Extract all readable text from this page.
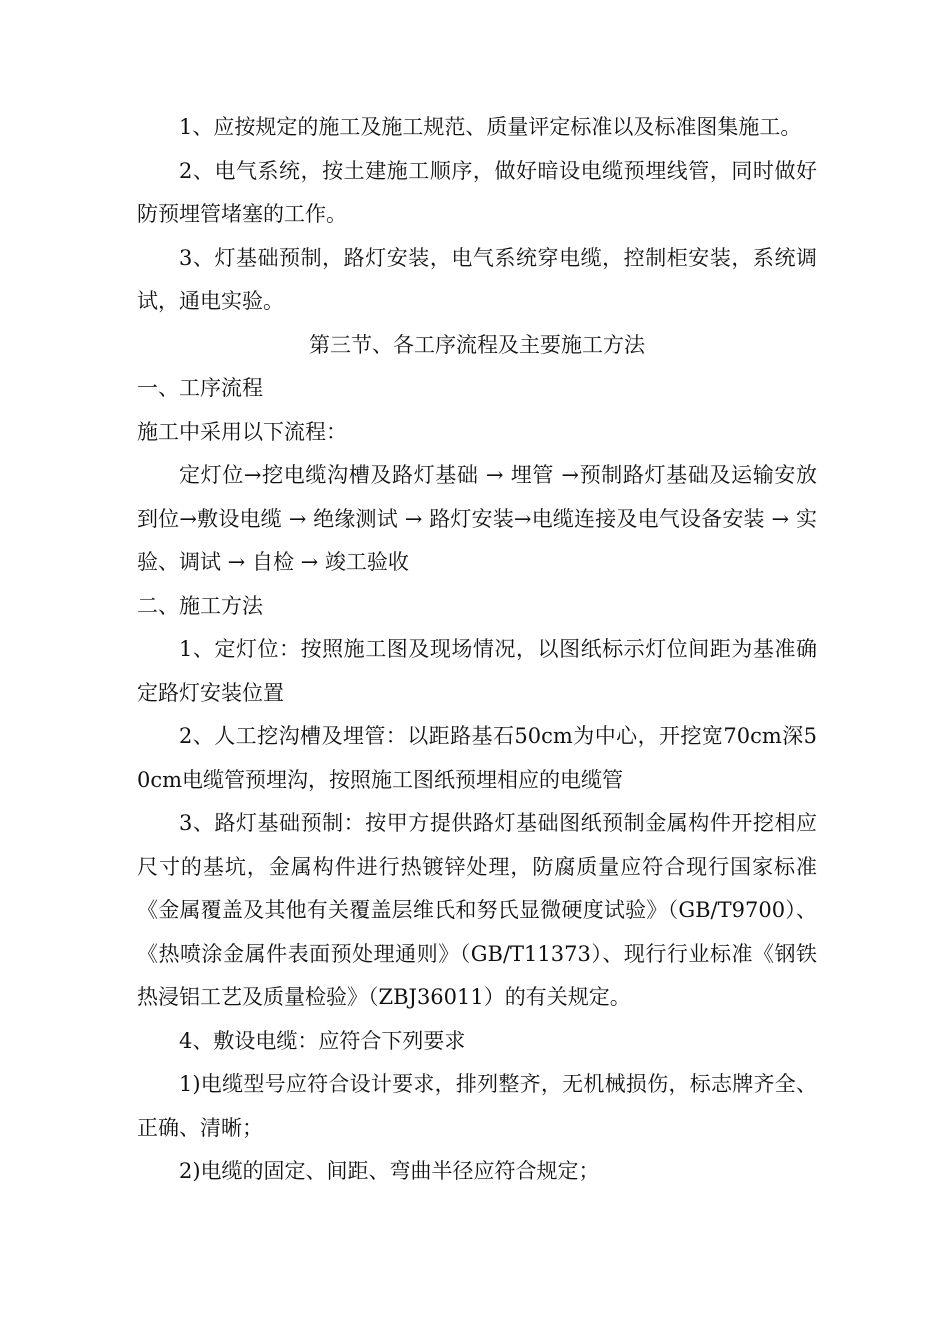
1、应按规定的施工及施工规范、质量评定标准以及标准图集施工。

2、电气系统，按土建施工顺序，做好暗设电缆预埋线管，同时做好防预埋管堵塞的工作。

3、灯基础预制，路灯安装，电气系统穿电缆，控制柜安装，系统调试，通电实验。

第三节、各工序流程及主要施工方法

一、工序流程

施工中采用以下流程：

定灯位→挖电缆沟槽及路灯基础 → 埋管 →预制路灯基础及运输安放到位→敷设电缆 → 绝缘测试 → 路灯安装→电缆连接及电气设备安装 → 实验、调试 → 自检 → 竣工验收

二、施工方法

1、定灯位：按照施工图及现场情况，以图纸标示灯位间距为基准确定路灯安装位置

2、人工挖沟槽及埋管：以距路基石50cm为中心，开挖宽70cm深50cm电缆管预埋沟，按照施工图纸预埋相应的电缆管

3、路灯基础预制：按甲方提供路灯基础图纸预制金属构件开挖相应尺寸的基坑，金属构件进行热镀锌处理，防腐质量应符合现行国家标准《金属覆盖及其他有关覆盖层维氏和努氏显微硬度试验》（GB/T9700）、《热喷涂金属件表面预处理通则》（GB/T11373）、现行行业标准《钢铁热浸铝工艺及质量检验》（ZBJ36011）的有关规定。

4、敷设电缆：应符合下列要求

1)电缆型号应符合设计要求，排列整齐，无机械损伤，标志牌齐全、正确、清晰；

2)电缆的固定、间距、弯曲半径应符合规定；
